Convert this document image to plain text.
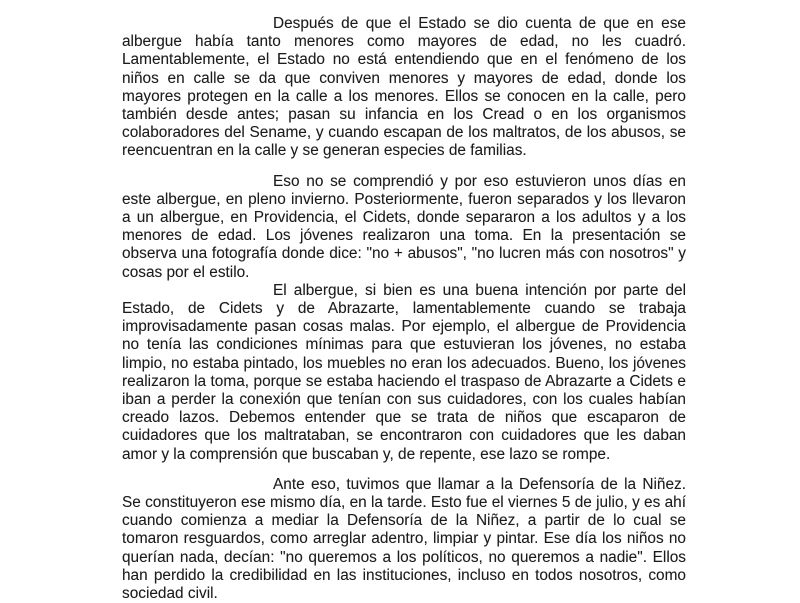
Después de que el Estado se dio cuenta de que en ese albergue había tanto menores como mayores de edad, no les cuadró. Lamentablemente, el Estado no está entendiendo que en el fenómeno de los niños en calle se da que conviven menores y mayores de edad, donde los mayores protegen en la calle a los menores. Ellos se conocen en la calle, pero también desde antes; pasan su infancia en los Cread o en los organismos colaboradores del Sename, y cuando escapan de los maltratos, de los abusos, se reencuentran en la calle y se generan especies de familias.

Eso no se comprendió y por eso estuvieron unos días en este albergue, en pleno invierno. Posteriormente, fueron separados y los llevaron a un albergue, en Providencia, el Cidets, donde separaron a los adultos y a los menores de edad. Los jóvenes realizaron una toma. En la presentación se observa una fotografía donde dice: "no + abusos", "no lucren más con nosotros" y cosas por el estilo.

El albergue, si bien es una buena intención por parte del Estado, de Cidets y de Abrazarte, lamentablemente cuando se trabaja improvisadamente pasan cosas malas. Por ejemplo, el albergue de Providencia no tenía las condiciones mínimas para que estuvieran los jóvenes, no estaba limpio, no estaba pintado, los muebles no eran los adecuados. Bueno, los jóvenes realizaron la toma, porque se estaba haciendo el traspaso de Abrazarte a Cidets e iban a perder la conexión que tenían con sus cuidadores, con los cuales habían creado lazos. Debemos entender que se trata de niños que escaparon de cuidadores que los maltrataban, se encontraron con cuidadores que les daban amor y la comprensión que buscaban y, de repente, ese lazo se rompe.

Ante eso, tuvimos que llamar a la Defensoría de la Niñez. Se constituyeron ese mismo día, en la tarde. Esto fue el viernes 5 de julio, y es ahí cuando comienza a mediar la Defensoría de la Niñez, a partir de lo cual se tomaron resguardos, como arreglar adentro, limpiar y pintar. Ese día los niños no querían nada, decían: "no queremos a los políticos, no queremos a nadie". Ellos han perdido la credibilidad en las instituciones, incluso en todos nosotros, como sociedad civil.
